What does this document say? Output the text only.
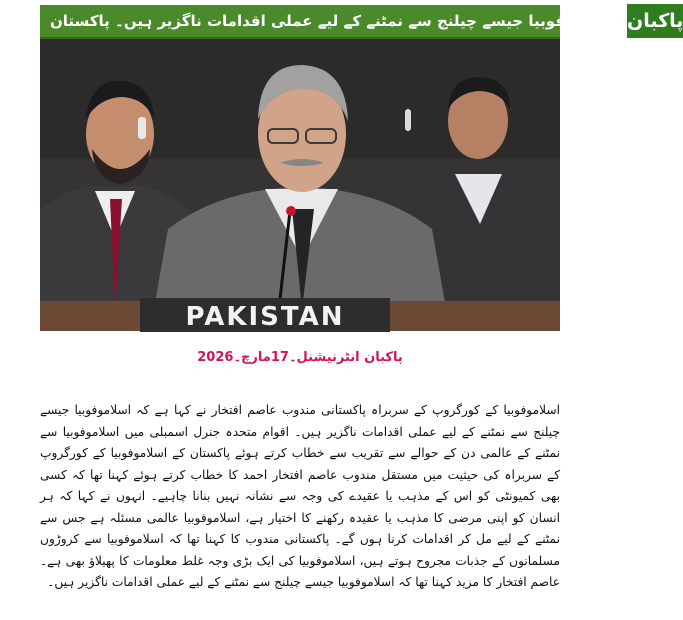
پاکبان
اسلاموفوبیا جیسے چیلنج سے نمٹنے کے لیے عملی اقدامات ناگزیر ہیں۔ پاکستان
PAKISTAN
پاکبان انٹرنیشنل۔17مارچ۔2026
اسلاموفوبیا کے کورگروپ کے سربراہ پاکستانی مندوب عاصم افتخار نے کہا ہے کہ اسلاموفوبیا جیسے چیلنج سے نمٹنے کے لیے عملی اقدامات ناگزیر ہیں۔ اقوام متحدہ جنرل اسمبلی میں اسلاموفوبیا سے نمٹنے کے عالمی دن کے حوالے سے تقریب سے خطاب کرتے ہوئے پاکستان کے اسلاموفوبیا کے کورگروپ کے سربراہ کی حیثیت میں مستقل مندوب عاصم افتخار احمد کا خطاب کرتے ہوئے کہنا تھا کہ کسی بھی کمیونٹی کو اس کے مذہب یا عقیدے کی وجہ سے نشانہ نہیں بنانا چاہیے۔ انہوں نے کہا کہ ہر انسان کو اپنی مرضی کا مذہب یا عقیدہ رکھنے کا اختیار ہے، اسلاموفوبیا عالمی مسئلہ ہے جس سے نمٹنے کے لیے مل کر اقدامات کرنا ہوں گے۔ پاکستانی مندوب کا کہنا تھا کہ اسلاموفوبیا سے کروڑوں مسلمانوں کے جذبات مجروح ہوتے ہیں، اسلاموفوبیا کی ایک بڑی وجہ غلط معلومات کا پھیلاؤ بھی ہے۔ عاصم افتخار کا مزید کہنا تھا کہ اسلاموفوبیا جیسے چیلنج سے نمٹنے کے لیے عملی اقدامات ناگزیر ہیں۔
